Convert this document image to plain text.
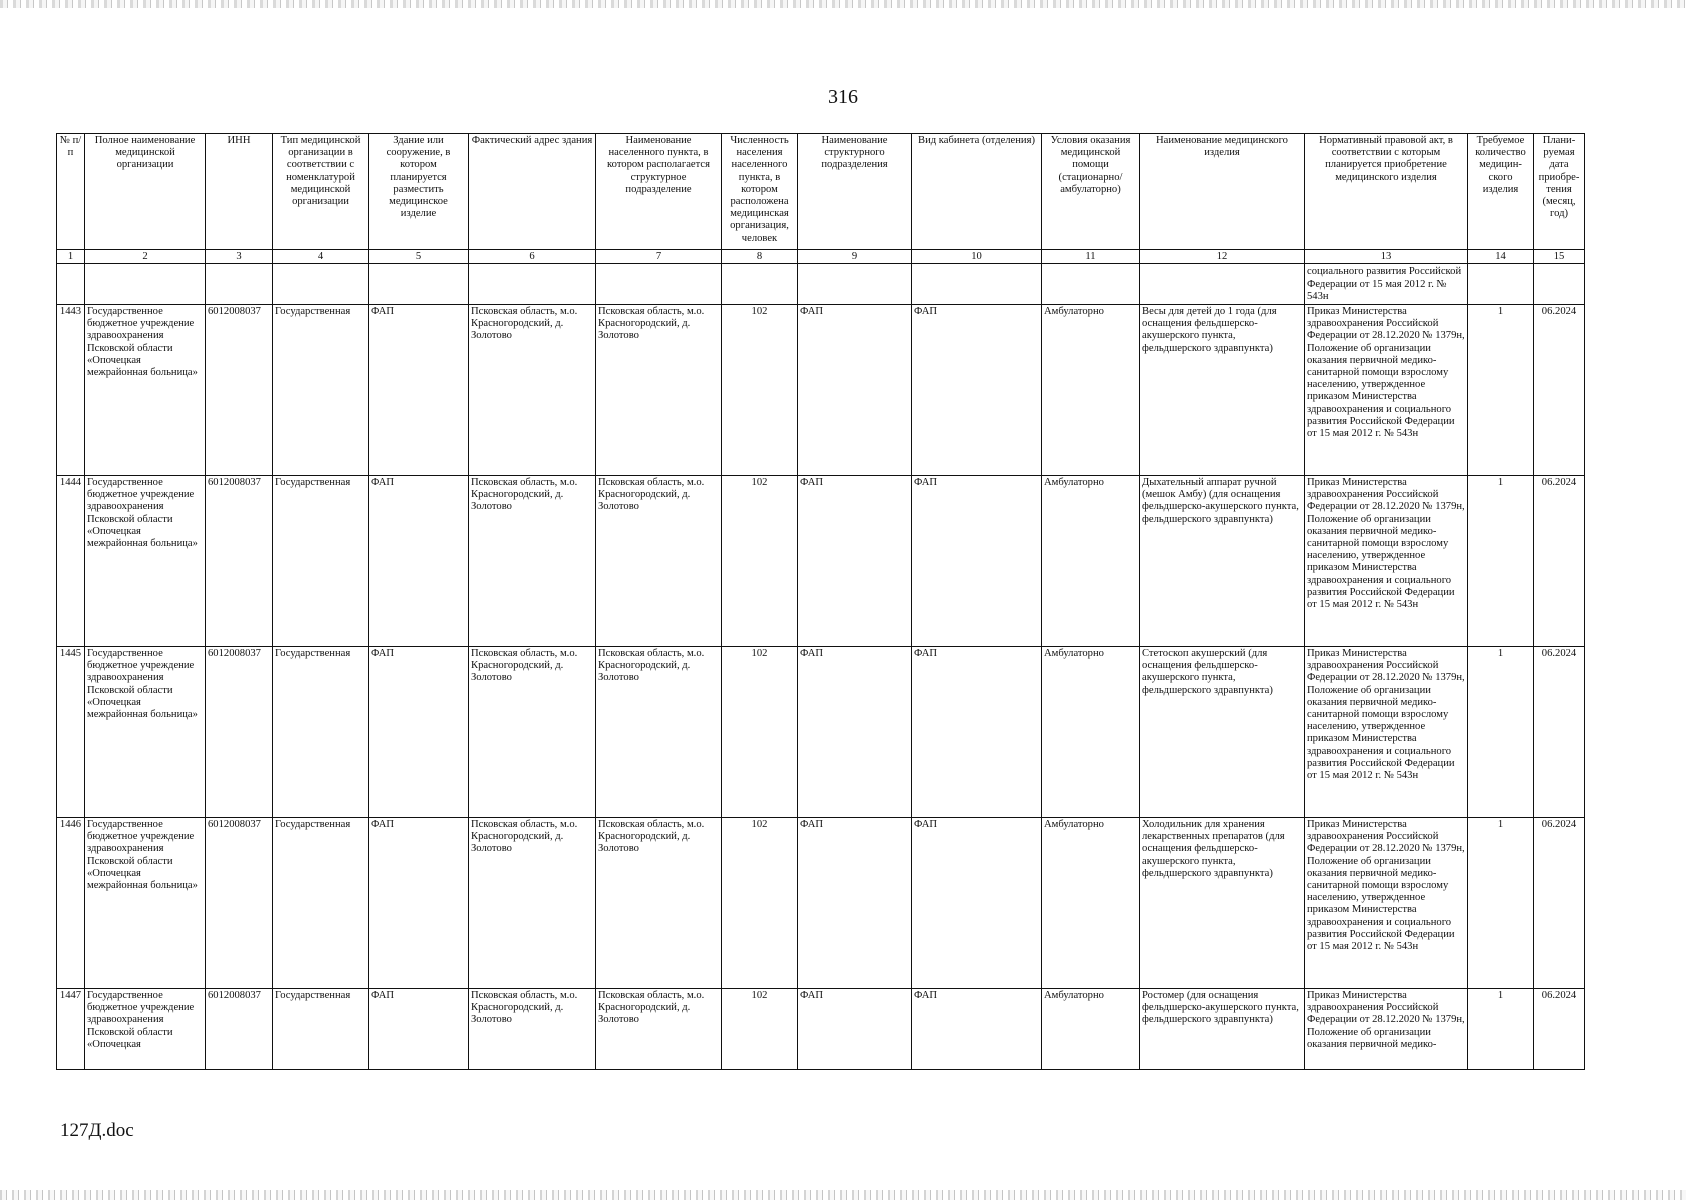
316
№ п/п	Полное наименование медицинской организации	ИНН	Тип медицинской организации в соответствии с номенклатурой медицинской организации	Здание или сооружение, в котором планируется разместить медицинское изделие	Фактический адрес здания	Наименование населенного пункта, в котором располагается структурное подразделение	Численность населения населенного пункта, в котором расположена медицинская организация, человек	Наименование структурного подразделения	Вид кабинета (отделения)	Условия оказания медицинской помощи (стационарно/ амбулаторно)	Наименование медицинского изделия	Нормативный правовой акт, в соответствии с которым планируется приобретение медицинского изделия	Требуемое количество медицин-ского изделия	Плани-руемая дата приобре-тения (месяц, год)
1	2	3	4	5	6	7	8	9	10	11	12	13	14	15
												социального развития Российской Федерации от 15 мая 2012 г. № 543н		
1443	Государственное бюджетное учреждение здравоохранения Псковской области «Опочецкая межрайонная больница»	6012008037	Государственная	ФАП	Псковская область, м.о. Красногородский, д. Золотово	Псковская область, м.о. Красногородский, д. Золотово	102	ФАП	ФАП	Амбулаторно	Весы для детей до 1 года (для оснащения фельдшерско-акушерского пункта, фельдшерского здравпункта)	Приказ Министерства здравоохранения Российской Федерации от 28.12.2020 № 1379н, Положение об организации оказания первичной медико-санитарной помощи взрослому населению, утвержденное приказом Министерства здравоохранения и социального развития Российской Федерации от 15 мая 2012 г. № 543н	1	06.2024
1444	Государственное бюджетное учреждение здравоохранения Псковской области «Опочецкая межрайонная больница»	6012008037	Государственная	ФАП	Псковская область, м.о. Красногородский, д. Золотово	Псковская область, м.о. Красногородский, д. Золотово	102	ФАП	ФАП	Амбулаторно	Дыхательный аппарат ручной (мешок Амбу) (для оснащения фельдшерско-акушерского пункта, фельдшерского здравпункта)	Приказ Министерства здравоохранения Российской Федерации от 28.12.2020 № 1379н, Положение об организации оказания первичной медико-санитарной помощи взрослому населению, утвержденное приказом Министерства здравоохранения и социального развития Российской Федерации от 15 мая 2012 г. № 543н	1	06.2024
1445	Государственное бюджетное учреждение здравоохранения Псковской области «Опочецкая межрайонная больница»	6012008037	Государственная	ФАП	Псковская область, м.о. Красногородский, д. Золотово	Псковская область, м.о. Красногородский, д. Золотово	102	ФАП	ФАП	Амбулаторно	Стетоскоп акушерский (для оснащения фельдшерско-акушерского пункта, фельдшерского здравпункта)	Приказ Министерства здравоохранения Российской Федерации от 28.12.2020 № 1379н, Положение об организации оказания первичной медико-санитарной помощи взрослому населению, утвержденное приказом Министерства здравоохранения и социального развития Российской Федерации от 15 мая 2012 г. № 543н	1	06.2024
1446	Государственное бюджетное учреждение здравоохранения Псковской области «Опочецкая межрайонная больница»	6012008037	Государственная	ФАП	Псковская область, м.о. Красногородский, д. Золотово	Псковская область, м.о. Красногородский, д. Золотово	102	ФАП	ФАП	Амбулаторно	Холодильник для хранения лекарственных препаратов (для оснащения фельдшерско-акушерского пункта, фельдшерского здравпункта)	Приказ Министерства здравоохранения Российской Федерации от 28.12.2020 № 1379н, Положение об организации оказания первичной медико-санитарной помощи взрослому населению, утвержденное приказом Министерства здравоохранения и социального развития Российской Федерации от 15 мая 2012 г. № 543н	1	06.2024
1447	Государственное бюджетное учреждение здравоохранения Псковской области «Опочецкая	6012008037	Государственная	ФАП	Псковская область, м.о. Красногородский, д. Золотово	Псковская область, м.о. Красногородский, д. Золотово	102	ФАП	ФАП	Амбулаторно	Ростомер (для оснащения фельдшерско-акушерского пункта, фельдшерского здравпункта)	Приказ Министерства здравоохранения Российской Федерации от 28.12.2020 № 1379н, Положение об организации оказания первичной медико-	1	06.2024
127Д.doc
